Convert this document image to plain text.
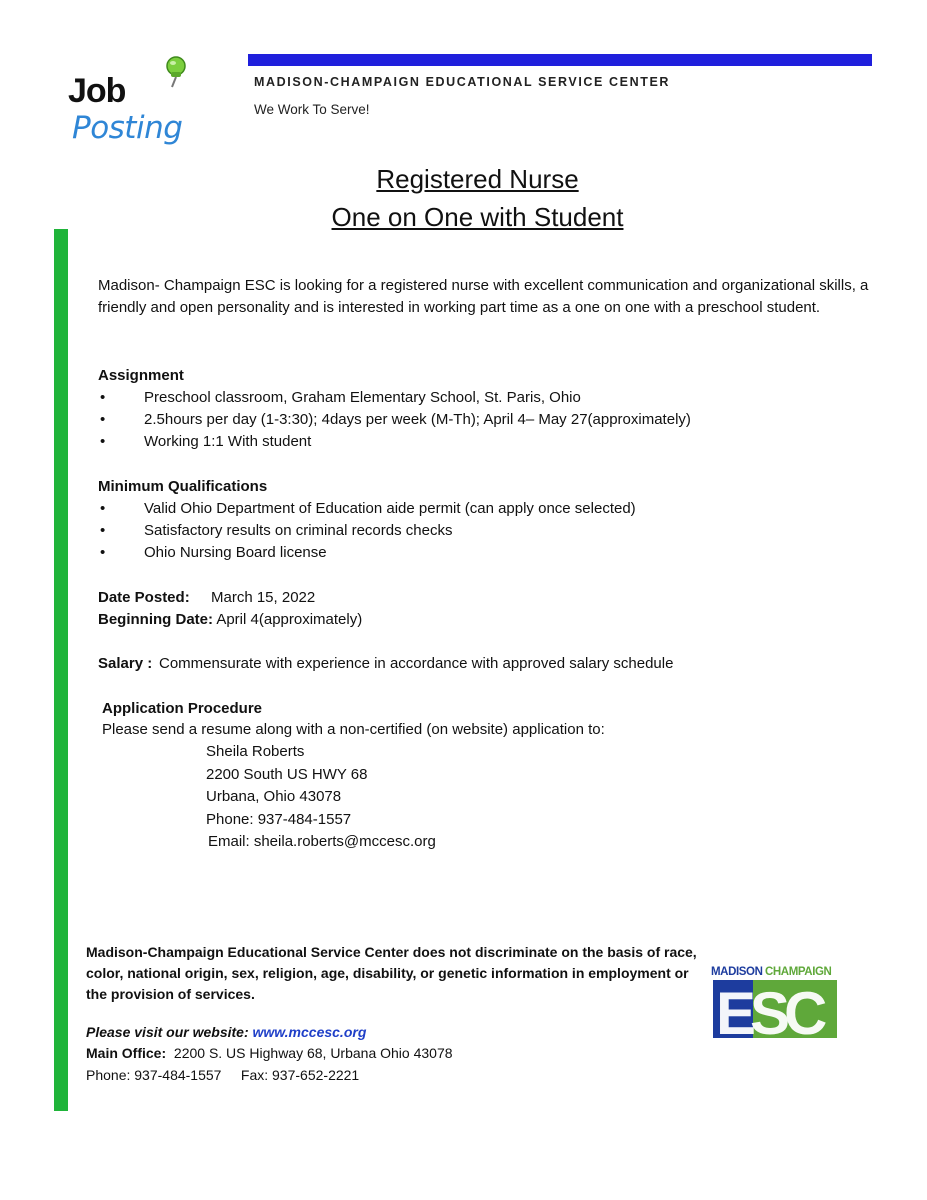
Job
Posting
MADISON-CHAMPAIGN EDUCATIONAL SERVICE CENTER
We Work To Serve!
Registered Nurse
One on One with Student
Madison- Champaign ESC is looking for a registered nurse with excellent communication and organizational skills, a friendly and open personality and is interested in working part time as a one on one with a preschool student.
Assignment
•	Preschool classroom, Graham Elementary School, St. Paris, Ohio
•	2.5hours per day (1-3:30); 4days per week (M-Th); April 4– May 27(approximately)
•	Working 1:1 With student
Minimum Qualifications
•	Valid Ohio Department of Education aide permit (can apply once selected)
•	Satisfactory results on criminal records checks
•	Ohio Nursing Board license
Date Posted: March 15, 2022
Beginning Date: April 4(approximately)
Salary : Commensurate with experience in accordance with approved salary schedule
Application Procedure
Please send a resume along with a non-certified (on website) application to:
Sheila Roberts
2200 South US HWY 68
Urbana, Ohio 43078
Phone: 937-484-1557
Email: sheila.roberts@mccesc.org
Madison-Champaign Educational Service Center does not discriminate on the basis of race, color, national origin, sex, religion, age, disability, or genetic information in employment or the provision of services.
Please visit our website: www.mccesc.org
Main Office: 2200 S. US Highway 68, Urbana Ohio 43078
Phone: 937-484-1557 Fax: 937-652-2221
MADISON CHAMPAIGN
ESC
